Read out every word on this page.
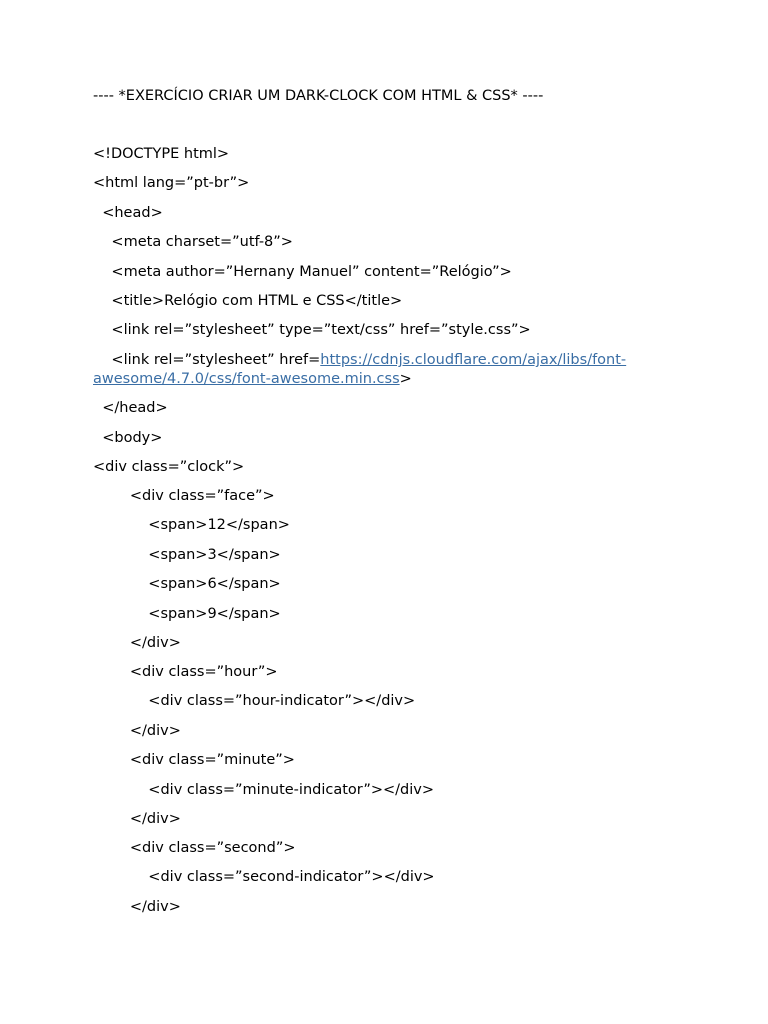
---- *EXERCÍCIO CRIAR UM DARK-CLOCK COM HTML & CSS* ----

<!DOCTYPE html>

<html lang=”pt-br”>

<head>

<meta charset=”utf-8”>

<meta author=”Hernany Manuel” content=”Relógio”>

<title>Relógio com HTML e CSS</title>

<link rel=”stylesheet” type=”text/css” href=”style.css”>

<link rel=”stylesheet” href=https://cdnjs.cloudflare.com/ajax/libs/font-
awesome/4.7.0/css/font-awesome.min.css>

</head>

<body>

<div class=”clock”>

<div class=”face”>

<span>12</span>

<span>3</span>

<span>6</span>

<span>9</span>

</div>

<div class=”hour”>

<div class=”hour-indicator”></div>

</div>

<div class=”minute”>

<div class=”minute-indicator”></div>

</div>

<div class=”second”>

<div class=”second-indicator”></div>

</div>
